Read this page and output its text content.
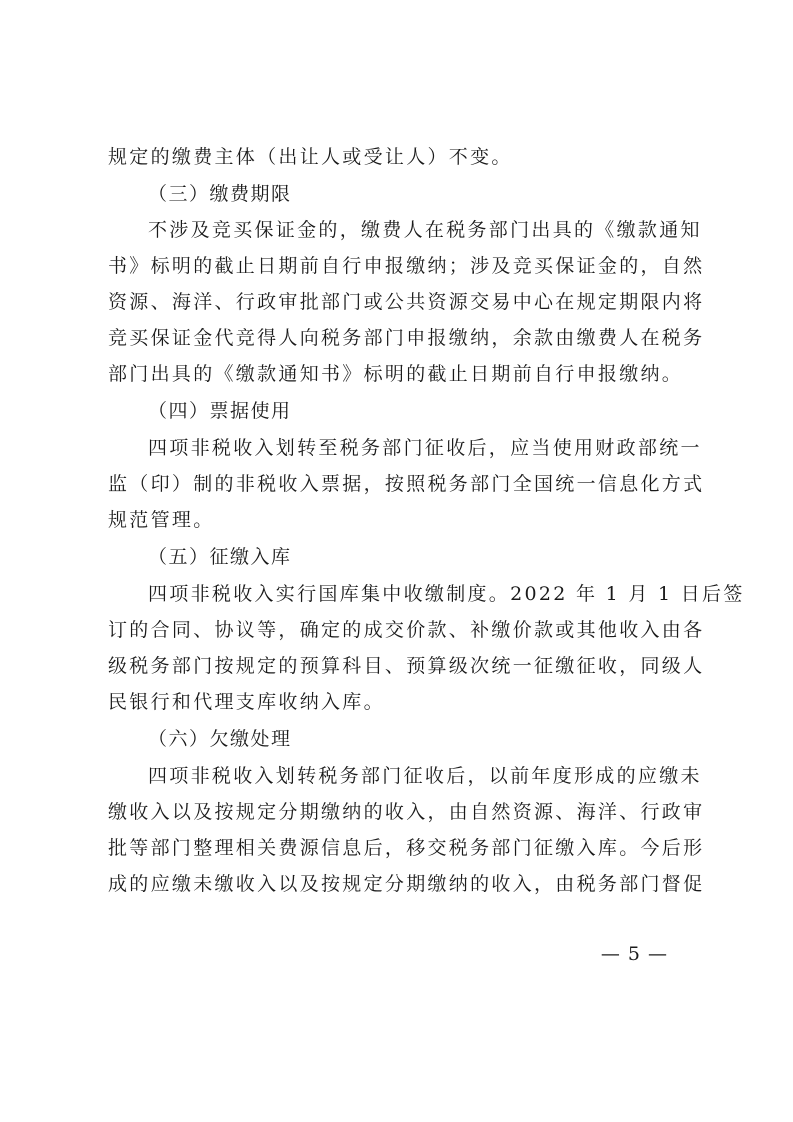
规定的缴费主体（出让人或受让人）不变。
（三）缴费期限
不涉及竞买保证金的，缴费人在税务部门出具的《缴款通知
书》标明的截止日期前自行申报缴纳；涉及竞买保证金的，自然
资源、海洋、行政审批部门或公共资源交易中心在规定期限内将
竞买保证金代竞得人向税务部门申报缴纳，余款由缴费人在税务
部门出具的《缴款通知书》标明的截止日期前自行申报缴纳。
（四）票据使用
四项非税收入划转至税务部门征收后，应当使用财政部统一
监（印）制的非税收入票据，按照税务部门全国统一信息化方式
规范管理。
（五）征缴入库
四项非税收入实行国库集中收缴制度。2022 年 1 月 1 日后签
订的合同、协议等，确定的成交价款、补缴价款或其他收入由各
级税务部门按规定的预算科目、预算级次统一征缴征收，同级人
民银行和代理支库收纳入库。
（六）欠缴处理
四项非税收入划转税务部门征收后，以前年度形成的应缴未
缴收入以及按规定分期缴纳的收入，由自然资源、海洋、行政审
批等部门整理相关费源信息后，移交税务部门征缴入库。今后形
成的应缴未缴收入以及按规定分期缴纳的收入，由税务部门督促
— 5 —
